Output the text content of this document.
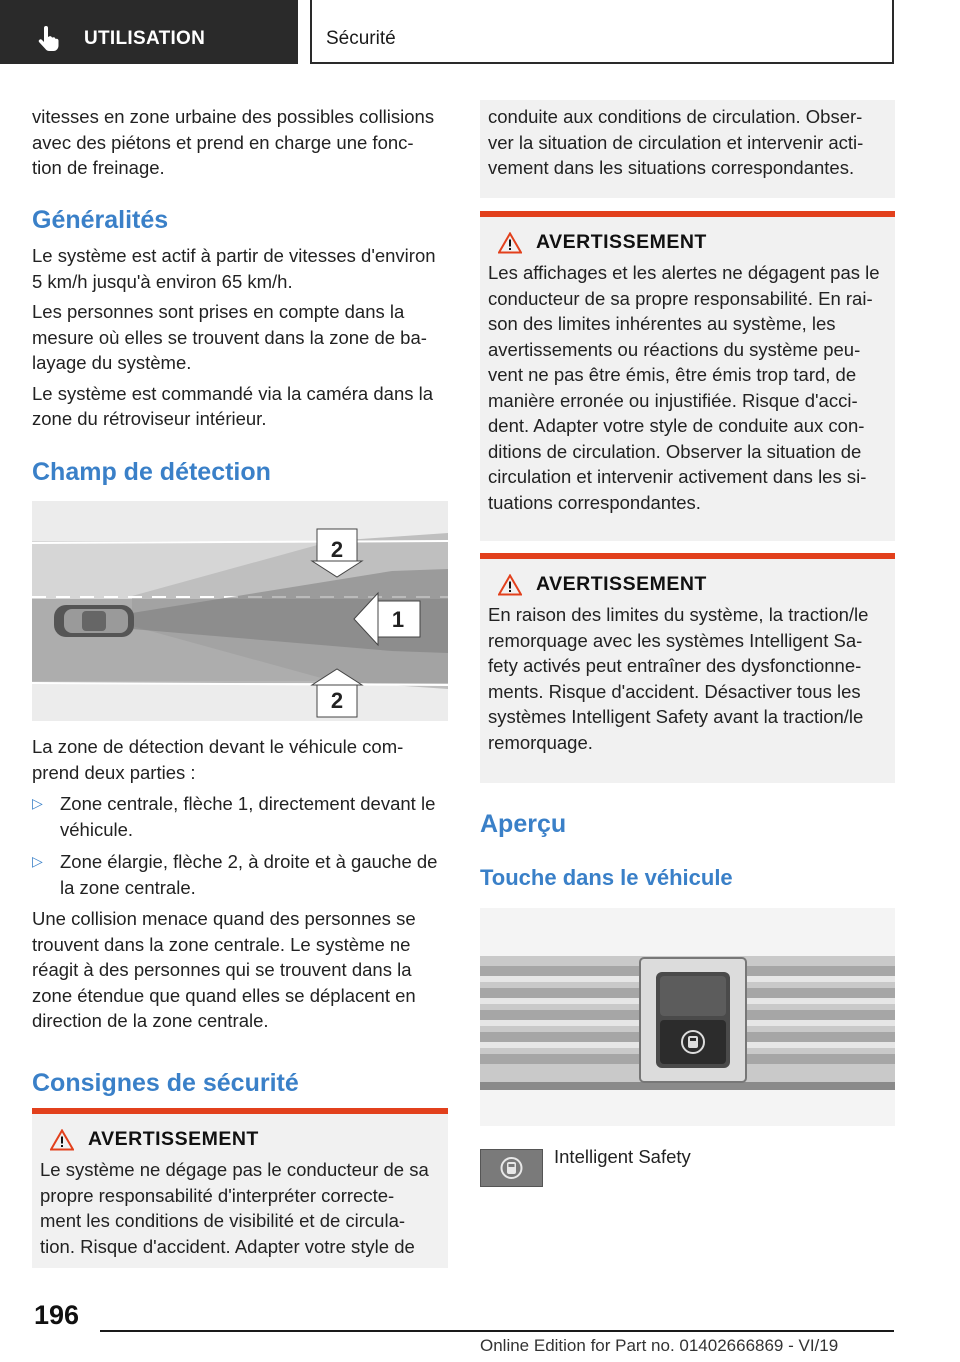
UTILISATION	Sécurité

vitesses en zone urbaine des possibles collisions avec des piétons et prend en charge une fonc- tion de freinage.

Généralités

Le système est actif à partir de vitesses d'environ 5 km/h jusqu'à environ 65 km/h.

Les personnes sont prises en compte dans la mesure où elles se trouvent dans la zone de ba- layage du système.

Le système est commandé via la caméra dans la zone du rétroviseur intérieur.

Champ de détection
2
1
2

La zone de détection devant le véhicule com- prend deux parties :

▷ Zone centrale, flèche 1, directement devant le véhicule.
▷ Zone élargie, flèche 2, à droite et à gauche de la zone centrale.

Une collision menace quand des personnes se trouvent dans la zone centrale. Le système ne réagit à des personnes qui se trouvent dans la zone étendue que quand elles se déplacent en direction de la zone centrale.

Consignes de sécurité
AVERTISSEMENT
Le système ne dégage pas le conducteur de sa propre responsabilité d'interpréter correcte- ment les conditions de visibilité et de circula- tion. Risque d'accident. Adapter votre style de
conduite aux conditions de circulation. Obser- ver la situation de circulation et intervenir acti- vement dans les situations correspondantes.
AVERTISSEMENT
Les affichages et les alertes ne dégagent pas le conducteur de sa propre responsabilité. En rai- son des limites inhérentes au système, les avertissements ou réactions du système peu- vent ne pas être émis, être émis trop tard, de manière erronée ou injustifiée. Risque d'acci- dent. Adapter votre style de conduite aux con- ditions de circulation. Observer la situation de circulation et intervenir activement dans les si- tuations correspondantes.
AVERTISSEMENT
En raison des limites du système, la traction/le remorquage avec les systèmes Intelligent Sa- fety activés peut entraîner des dysfonctionne- ments. Risque d'accident. Désactiver tous les systèmes Intelligent Safety avant la traction/le remorquage.
Aperçu
Touche dans le véhicule
Intelligent Safety
196
Online Edition for Part no. 01402666869 - VI/19
